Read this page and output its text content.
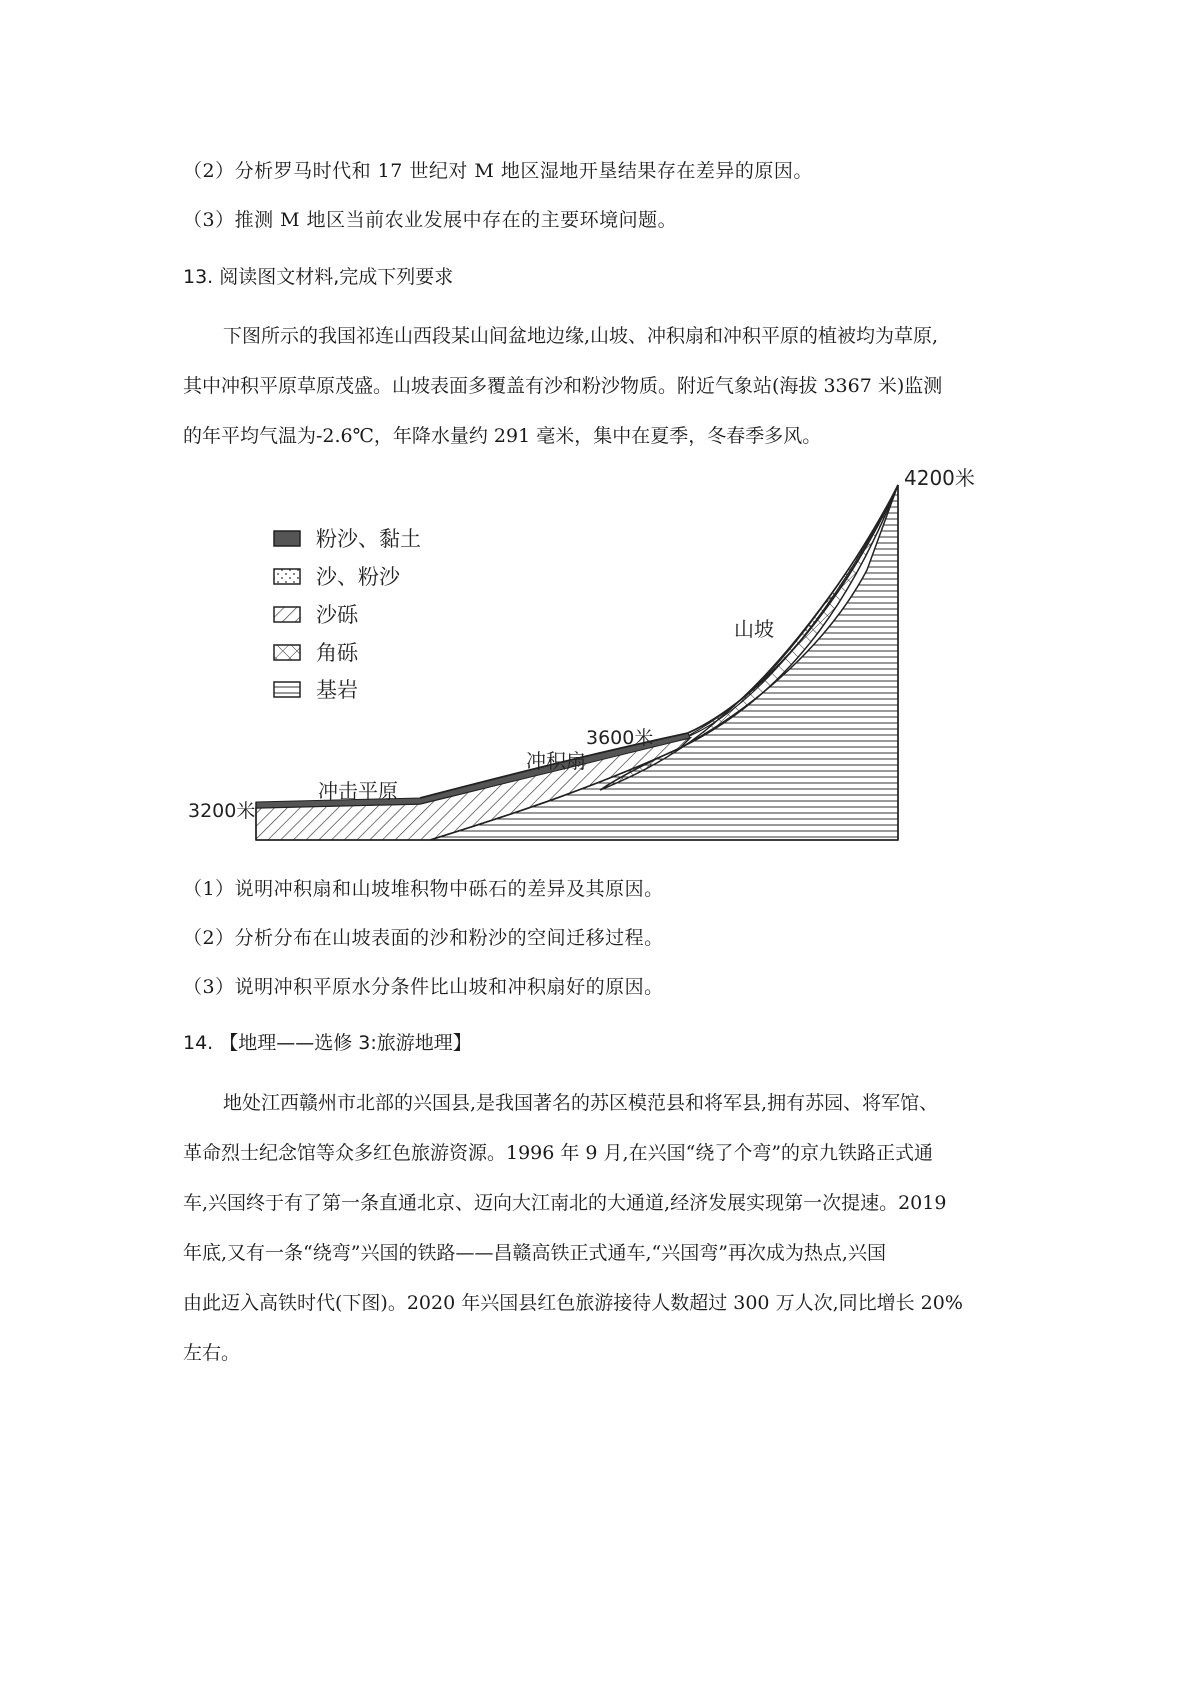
（2）分析罗马时代和 17 世纪对 M 地区湿地开垦结果存在差异的原因。
（3）推测 M 地区当前农业发展中存在的主要环境问题。
13. 阅读图文材料,完成下列要求

下图所示的我国祁连山西段某山间盆地边缘,山坡、冲积扇和冲积平原的植被均为草原,

其中冲积平原草原茂盛。山坡表面多覆盖有沙和粉沙物质。附近气象站(海拔 3367 米)监测

的年平均气温为-2.6℃，年降水量约 291 毫米，集中在夏季，冬春季多风。

粉沙、黏土
沙、粉沙
沙砾
角砾
基岩
4200米
山坡
3600米
冲积扇
冲击平原
3200米
（1）说明冲积扇和山坡堆积物中砾石的差异及其原因。
（2）分析分布在山坡表面的沙和粉沙的空间迁移过程。
（3）说明冲积平原水分条件比山坡和冲积扇好的原因。
14. 【地理——选修 3:旅游地理】

地处江西赣州市北部的兴国县,是我国著名的苏区模范县和将军县,拥有苏园、将军馆、

革命烈士纪念馆等众多红色旅游资源。1996 年 9 月,在兴国“绕了个弯”的京九铁路正式通

车,兴国终于有了第一条直通北京、迈向大江南北的大通道,经济发展实现第一次提速。2019

年底,又有一条“绕弯”兴国的铁路——昌赣高铁正式通车,“兴国弯”再次成为热点,兴国

由此迈入高铁时代(下图)。2020 年兴国县红色旅游接待人数超过 300 万人次,同比增长 20%

左右。
